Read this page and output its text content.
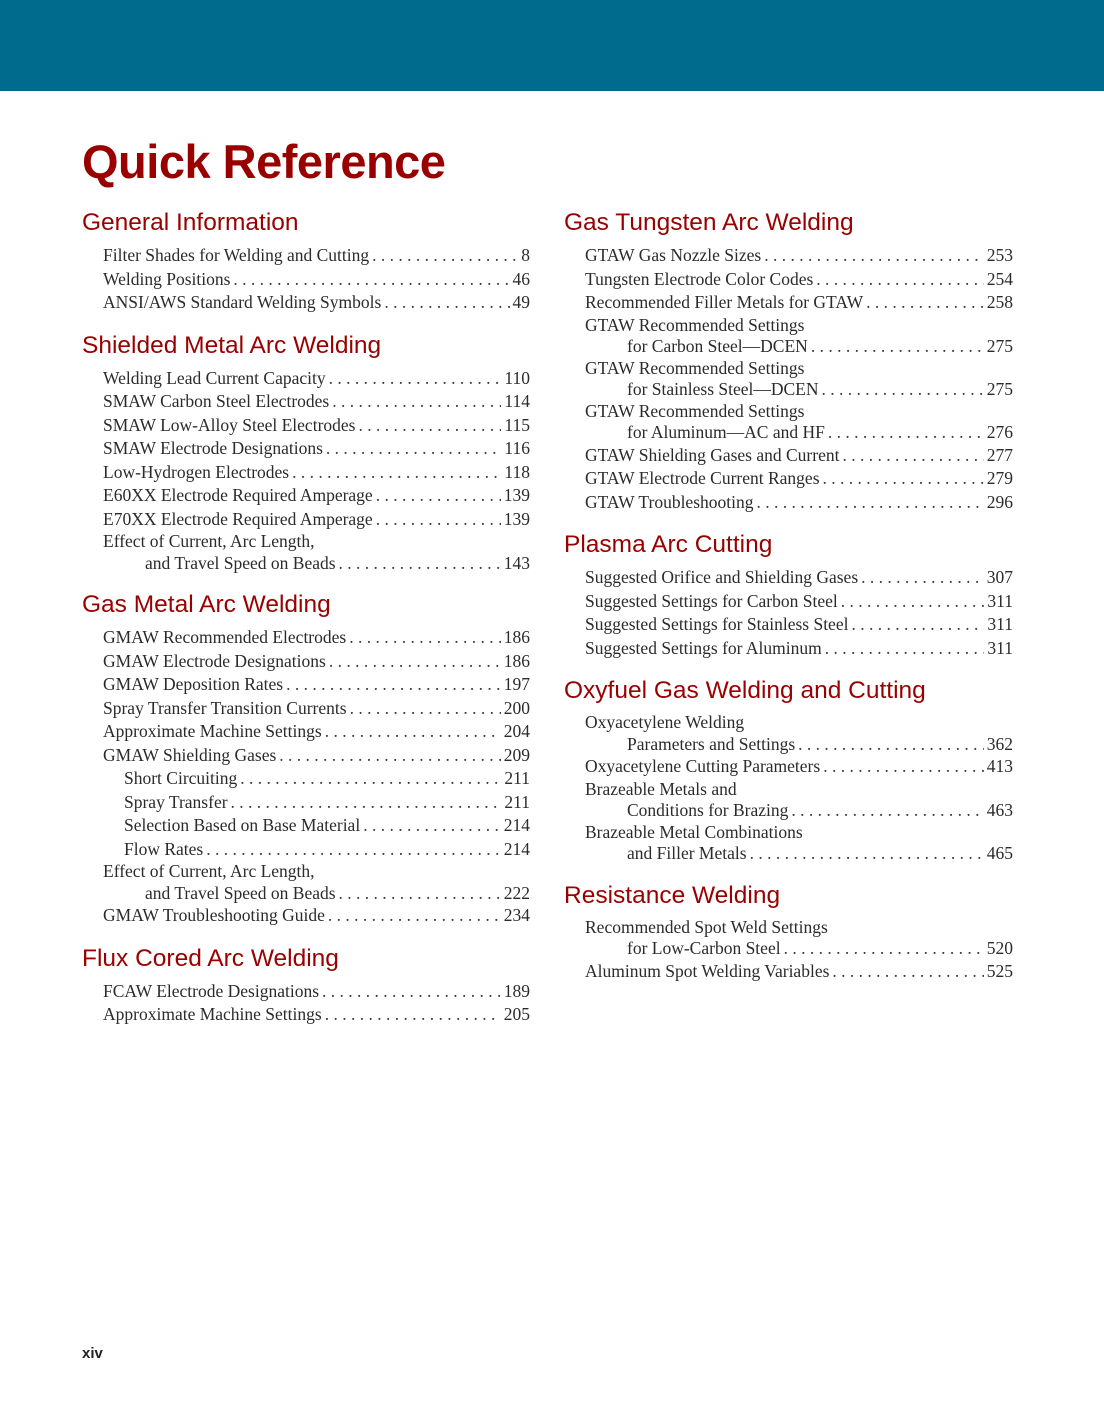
Quick Reference
General Information
Filter Shades for Welding and Cutting . . .	8
Welding Positions . . .	46
ANSI/AWS Standard Welding Symbols . . .	49
Shielded Metal Arc Welding
Welding Lead Current Capacity . . .	110
SMAW Carbon Steel Electrodes . . .	114
SMAW Low-Alloy Steel Electrodes . . .	115
SMAW Electrode Designations . . .	116
Low-Hydrogen Electrodes . . .	118
E60XX Electrode Required Amperage . . .	139
E70XX Electrode Required Amperage . . .	139
Effect of Current, Arc Length,
and Travel Speed on Beads . . .	143
Gas Metal Arc Welding
GMAW Recommended Electrodes . . .	186
GMAW Electrode Designations . . .	186
GMAW Deposition Rates . . .	197
Spray Transfer Transition Currents . . .	200
Approximate Machine Settings . . .	204
GMAW Shielding Gases . . .	209
Short Circuiting . . .	211
Spray Transfer . . .	211
Selection Based on Base Material . . .	214
Flow Rates . . .	214
Effect of Current, Arc Length,
and Travel Speed on Beads . . .	222
GMAW Troubleshooting Guide . . .	234
Flux Cored Arc Welding
FCAW Electrode Designations . . .	189
Approximate Machine Settings . . .	205
Gas Tungsten Arc Welding
GTAW Gas Nozzle Sizes . . .	253
Tungsten Electrode Color Codes . . .	254
Recommended Filler Metals for GTAW . . .	258
GTAW Recommended Settings
for Carbon Steel—DCEN . . .	275
GTAW Recommended Settings
for Stainless Steel—DCEN . . .	275
GTAW Recommended Settings
for Aluminum—AC and HF . . .	276
GTAW Shielding Gases and Current . . .	277
GTAW Electrode Current Ranges . . .	279
GTAW Troubleshooting . . .	296
Plasma Arc Cutting
Suggested Orifice and Shielding Gases . . .	307
Suggested Settings for Carbon Steel . . .	311
Suggested Settings for Stainless Steel . . .	311
Suggested Settings for Aluminum . . .	311
Oxyfuel Gas Welding and Cutting
Oxyacetylene Welding
Parameters and Settings . . .	362
Oxyacetylene Cutting Parameters . . .	413
Brazeable Metals and
Conditions for Brazing . . .	463
Brazeable Metal Combinations
and Filler Metals . . .	465
Resistance Welding
Recommended Spot Weld Settings
for Low-Carbon Steel . . .	520
Aluminum Spot Welding Variables . . .	525
xiv
